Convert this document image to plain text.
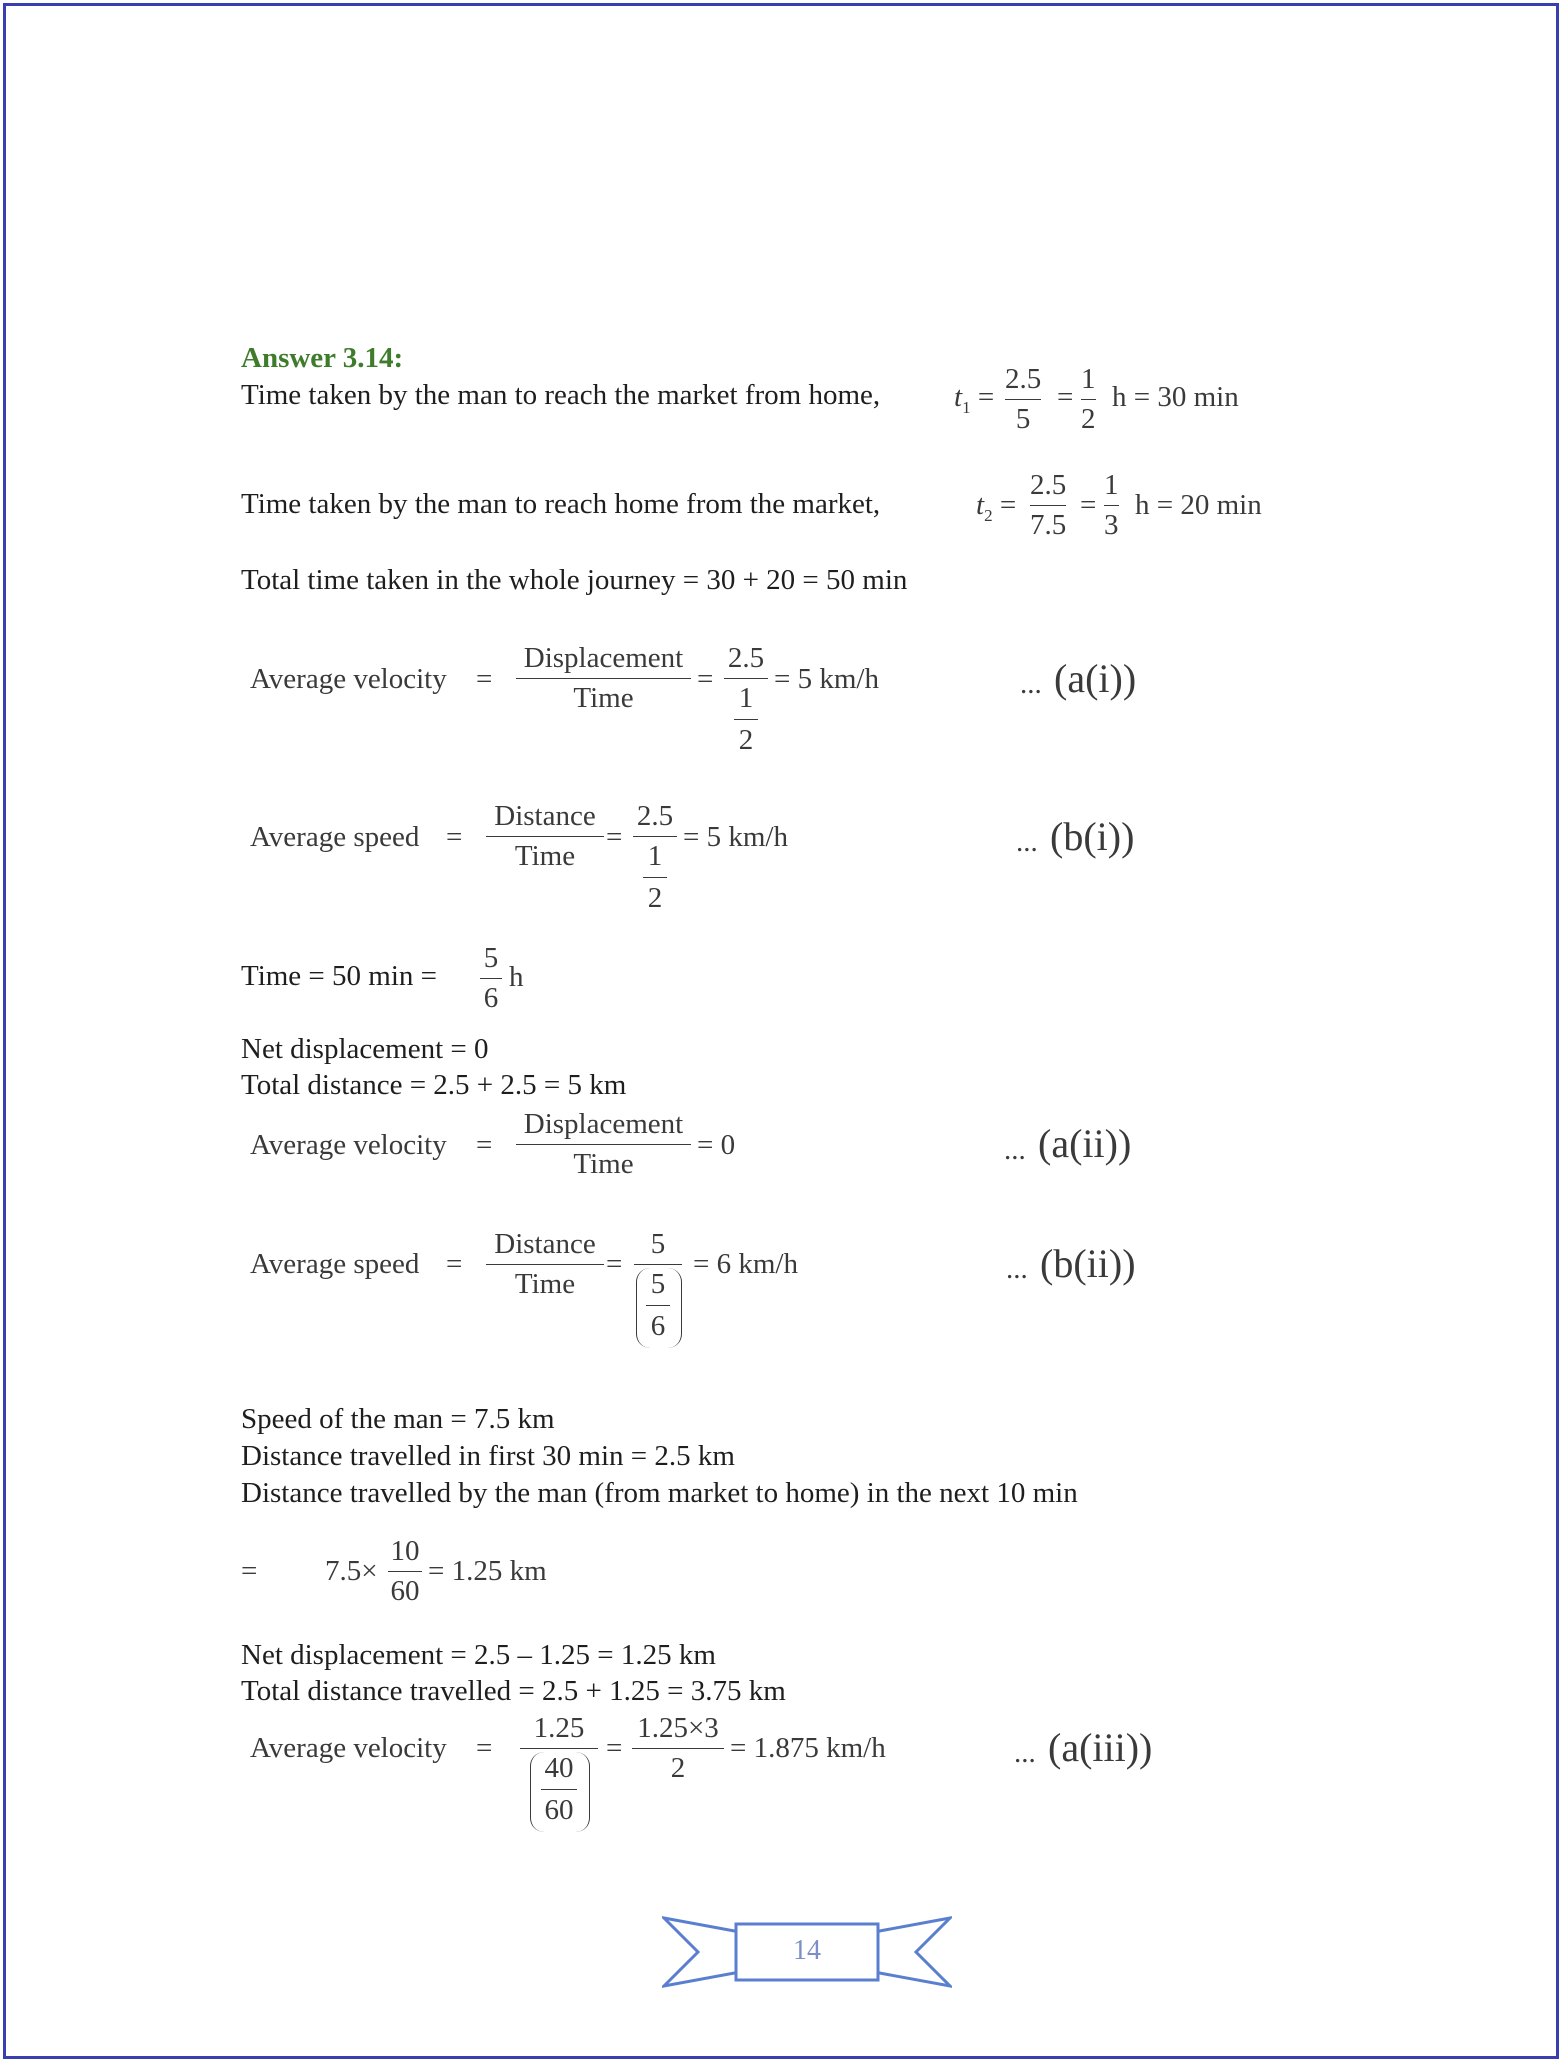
Answer 3.14:
Time taken by the man to reach the market from home,	$t_1$ =
2.5
5
=
1
2
h = 30 min
Time taken by the man to reach home from the market,	$t_2$ =
2.5
7.5
=
1
3
h = 20 min
Total time taken in the whole journey = 30 + 20 = 50 min
Average velocity =
Displacement
Time
=
2.5
1
2
= 5 km/h	... (a(i))
Average speed =
Distance
Time
=
2.5
1
2
= 5 km/h	... (b(i))
Time = 50 min =
5
6
h
Net displacement = 0
Total distance = 2.5 + 2.5 = 5 km
Average velocity =
Displacement
Time
= 0	... (a(ii))
Average speed =
Distance
Time
=
5
5
6
= 6 km/h	... (b(ii))
Speed of the man = 7.5 km
Distance travelled in first 30 min = 2.5 km
Distance travelled by the man (from market to home) in the next 10 min
= 7.5×
10
60
= 1.25 km
Net displacement = 2.5 – 1.25 = 1.25 km
Total distance travelled = 2.5 + 1.25 = 3.75 km
Average velocity =
1.25
40
60
=
1.25×3
2
= 1.875 km/h	... (a(iii))
14
